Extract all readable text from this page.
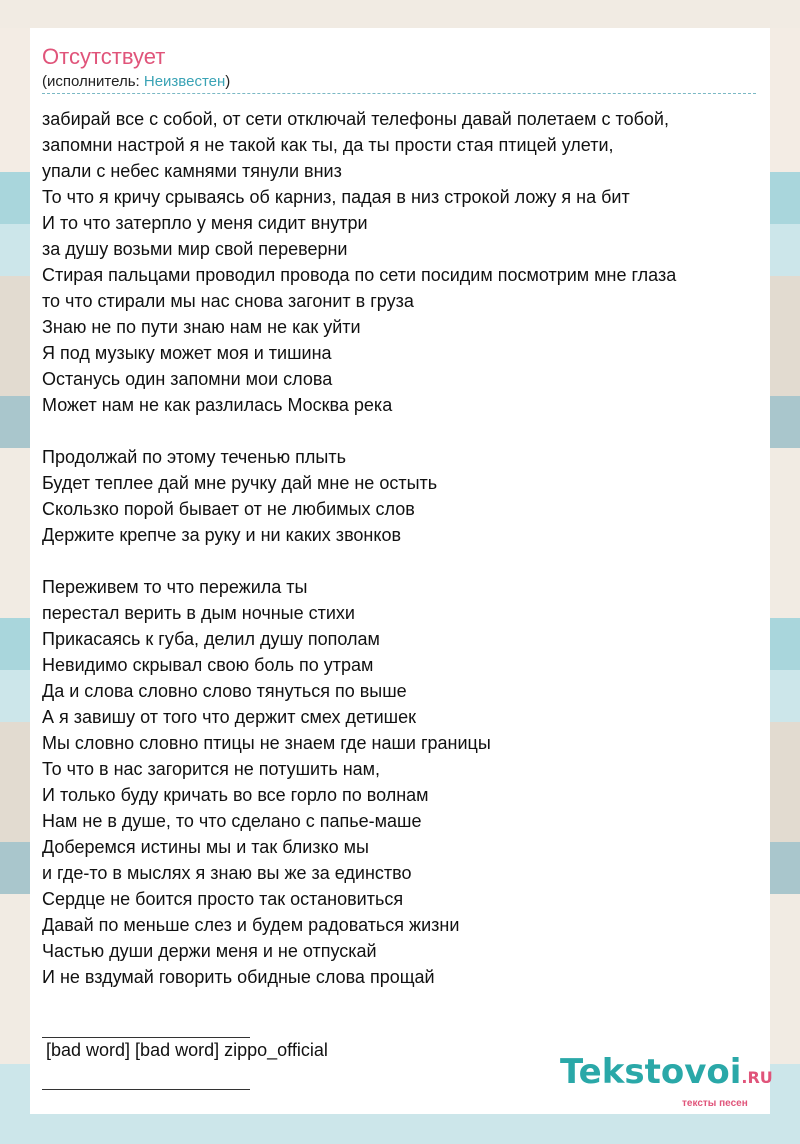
Отсутствует
(исполнитель: Неизвестен)
забирай все с собой, от сети отключай телефоны давай полетаем с тобой,
запомни настрой я не такой как ты, да ты прости стая птицей улети,
упали с небес камнями тянули вниз
То что я кричу срываясь об карниз, падая в низ строкой ложу я на бит
И то что затерпло у меня сидит внутри
за душу возьми мир свой переверни
Стирая пальцами проводил провода по сети посидим посмотрим мне глаза
то что стирали мы нас снова загонит в груза
Знаю не по пути знаю нам не как уйти
Я под музыку может моя и тишина
Останусь один запомни мои слова
Может нам не как разлилась Москва река
Продолжай по этому теченью плыть
Будет теплее дай мне ручку дай мне не остыть
Скользко порой бывает от не любимых слов
Держите крепче за руку и ни каких звонков
Переживем то что пережила ты
перестал верить в дым ночные стихи
Прикасаясь к губа, делил душу пополам
Невидимо скрывал свою боль по утрам
Да и слова словно слово тянуться по выше
А я завишу от того что держит смех детишек
Мы словно словно птицы не знаем где наши границы
То что в нас загорится не потушить нам,
И только буду кричать во все горло по волнам
Нам не в душе, то что сделано с папье-маше
Доберемся истины мы и так близко мы
и где-то в мыслях я знаю вы же за единство
Сердце не боится просто так остановиться
Давай по меньше слез и будем радоваться жизни
Частью души держи меня и не отпускай
И не вздумай говорить обидные слова прощай
[bad word] [bad word] zippo_official
Tekstovoi.RU
тексты песен
